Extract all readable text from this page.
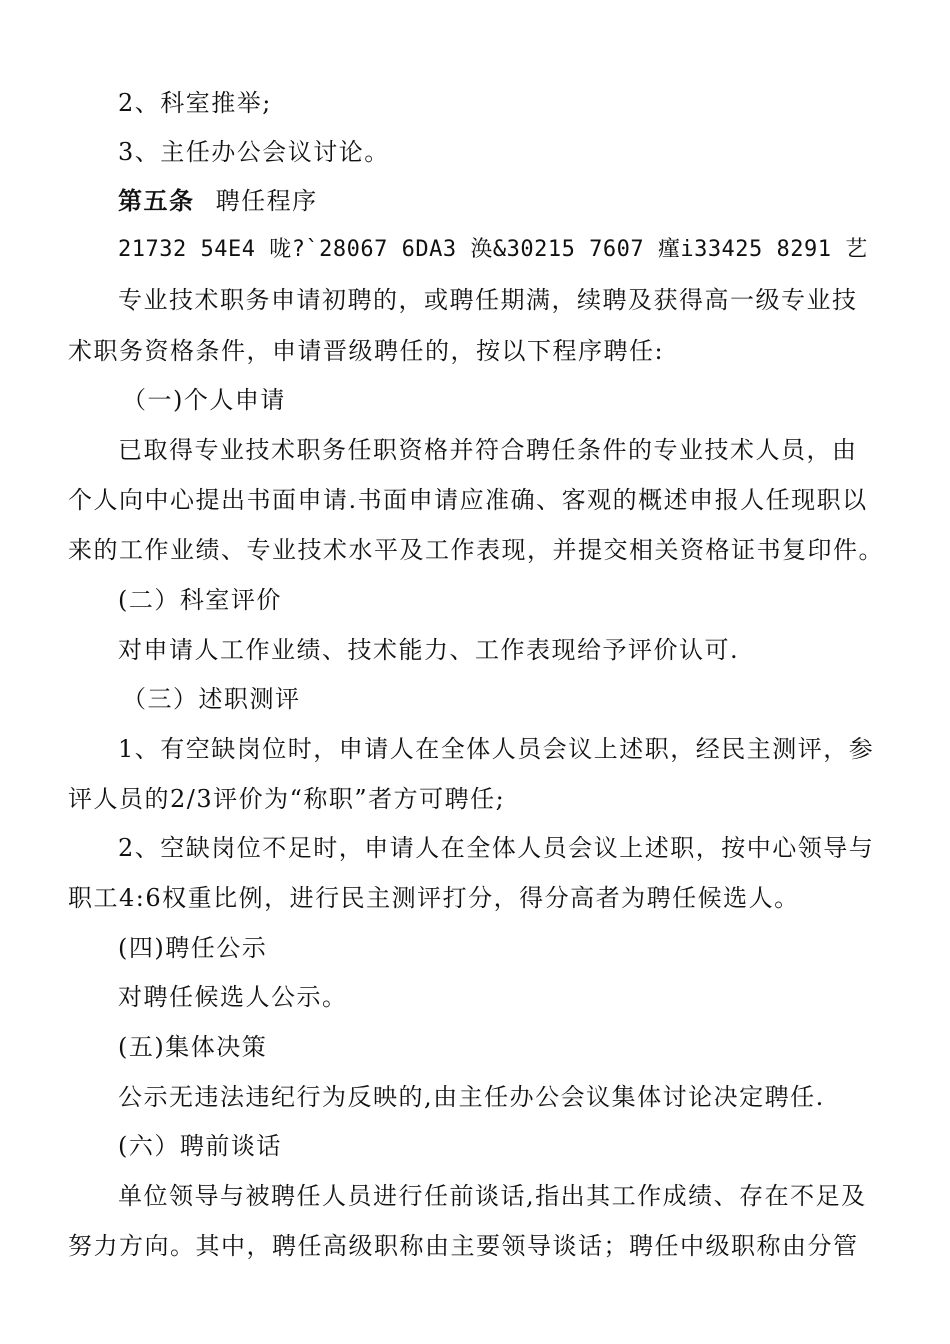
2、科室推举;
3、主任办公会议讨论。
第五条 聘任程序
21732 54E4 咙?`28067 6DA3 涣&30215 7607 瘽i33425 8291 艺
专业技术职务申请初聘的，或聘任期满，续聘及获得高一级专业技
术职务资格条件，申请晋级聘任的，按以下程序聘任:
（一)个人申请
已取得专业技术职务任职资格并符合聘任条件的专业技术人员，由
个人向中心提出书面申请.书面申请应准确、客观的概述申报人任现职以
来的工作业绩、专业技术水平及工作表现，并提交相关资格证书复印件。
(二）科室评价
对申请人工作业绩、技术能力、工作表现给予评价认可.
（三）述职测评
1、有空缺岗位时，申请人在全体人员会议上述职，经民主测评，参
评人员的2/3评价为“称职”者方可聘任;
2、空缺岗位不足时，申请人在全体人员会议上述职，按中心领导与
职工4:6权重比例，进行民主测评打分，得分高者为聘任候选人。
(四)聘任公示
对聘任候选人公示。
(五)集体决策
公示无违法违纪行为反映的,由主任办公会议集体讨论决定聘任.
(六）聘前谈话
单位领导与被聘任人员进行任前谈话,指出其工作成绩、存在不足及
努力方向。其中，聘任高级职称由主要领导谈话；聘任中级职称由分管
